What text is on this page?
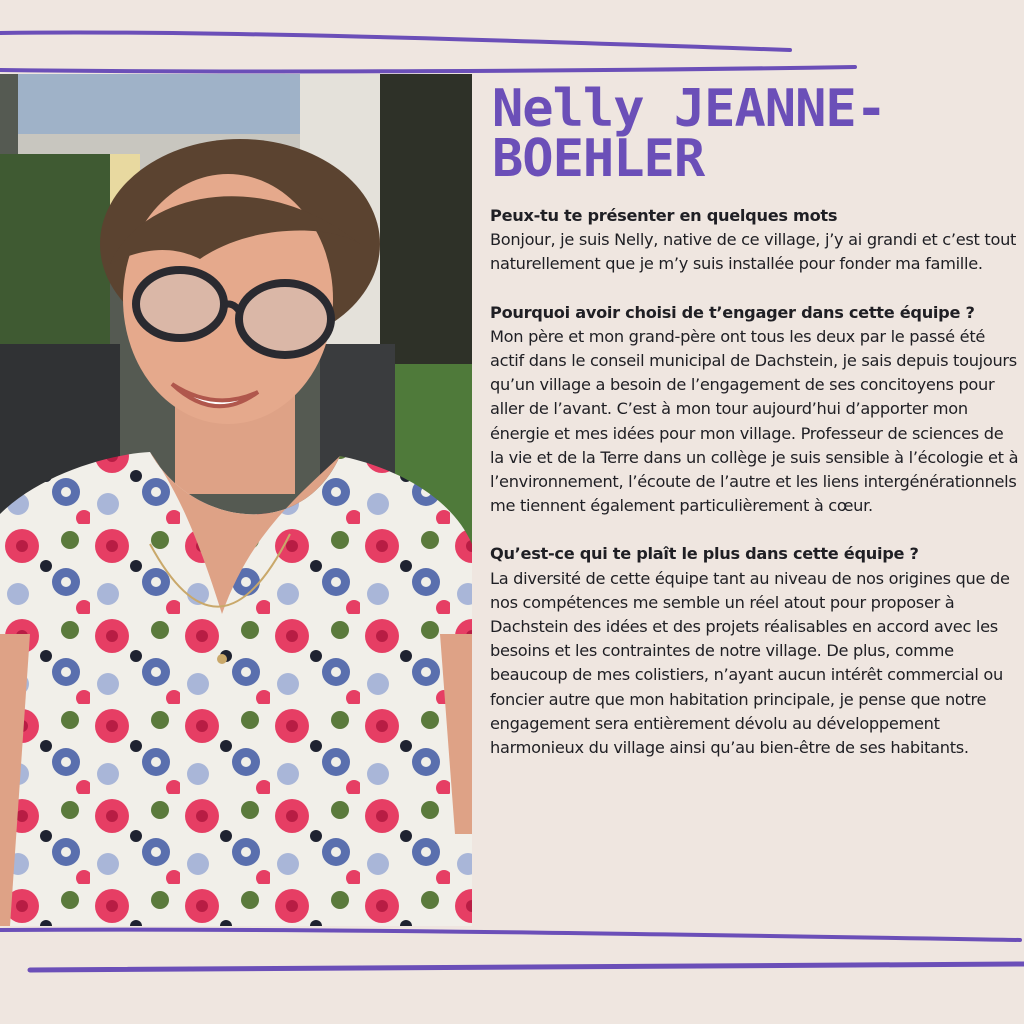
Nelly JEANNE-BOEHLER

Peux-tu te présenter en quelques mots

Bonjour, je suis Nelly, native de ce village, j’y ai grandi et c’est tout naturellement que je m’y suis installée pour fonder ma famille.

Pourquoi avoir choisi de t’engager dans cette équipe ?

Mon père et mon grand-père ont tous les deux par le passé été actif dans le conseil municipal de Dachstein, je sais depuis toujours qu’un village a besoin de l’engagement de ses concitoyens pour aller de l’avant. C’est à mon tour aujourd’hui d’apporter mon énergie et mes idées pour mon village. Professeur de sciences de la vie et de la Terre dans un collège je suis sensible à l’écologie et à l’environnement, l’écoute de l’autre et les liens intergénérationnels me tiennent également particulièrement à cœur.

Qu’est-ce qui te plaît le plus dans cette équipe ?

La diversité de cette équipe tant au niveau de nos origines que de nos compétences me semble un réel atout pour proposer à Dachstein des idées et des projets réalisables en accord avec les besoins et les contraintes de notre village. De plus, comme beaucoup de mes colistiers, n’ayant aucun intérêt commercial ou foncier autre que mon habitation principale, je pense que notre engagement sera entièrement dévolu au développement harmonieux du village ainsi qu’au bien-être de ses habitants.
